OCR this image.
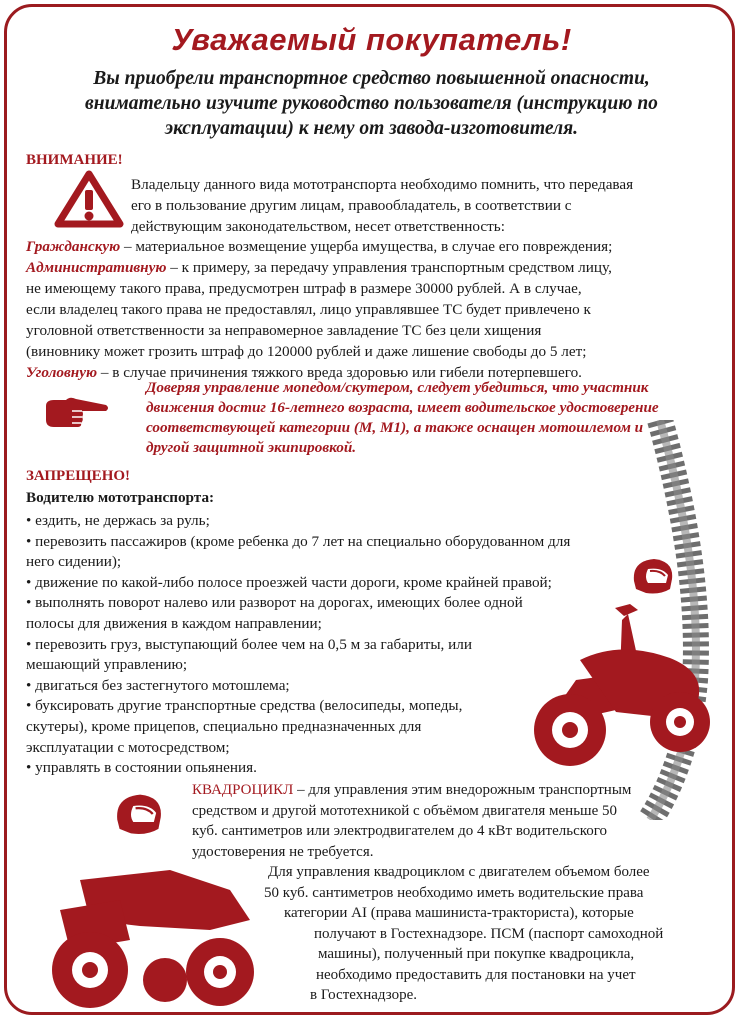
Уважаемый покупатель!
Вы приобрели транспортное средство повышенной опасности,
внимательно изучите руководство пользователя (инструкцию по
эксплуатации) к нему от завода-изготовителя.
ВНИМАНИЕ!
Владельцу данного вида мототранспорта необходимо помнить, что передавая
его в пользование другим лицам, правообладатель, в соответствии с
действующим законодательством, несет ответственность:
Гражданскую – материальное возмещение ущерба имущества, в случае его повреждения;
Административную – к примеру, за передачу управления транспортным средством лицу,
не имеющему такого права, предусмотрен штраф в размере 30000 рублей. А в случае,
если владелец такого права не предоставлял, лицо управлявшее ТС будет привлечено к
уголовной ответственности за неправомерное завладение ТС без цели хищения
(виновнику может грозить штраф до 120000 рублей и даже лишение свободы до 5 лет;
Уголовную – в случае причинения тяжкого вреда здоровью или гибели потерпевшего.
Доверяя управление мопедом/скутером, следует убедиться, что участник
движения достиг 16-летнего возраста, имеет водительское удостоверение
соответствующей категории (М, М1), а также оснащен мотошлемом и
другой защитной экипировкой.
ЗАПРЕЩЕНО!
Водителю мототранспорта:
• ездить, не держась за руль;
• перевозить пассажиров (кроме ребенка до 7 лет на специально оборудованном для
него сидении);
• движение по какой-либо полосе проезжей части дороги, кроме крайней правой;
• выполнять поворот налево или разворот на дорогах, имеющих более одной
полосы для движения в каждом направлении;
• перевозить груз, выступающий более чем на 0,5 м за габариты, или
мешающий управлению;
• двигаться без застегнутого мотошлема;
• буксировать другие транспортные средства (велосипеды, мопеды,
скутеры), кроме прицепов, специально предназначенных для
эксплуатации с мотосредством;
• управлять в состоянии опьянения.
КВАДРОЦИКЛ – для управления этим внедорожным транспортным
средством и другой мототехникой с объёмом двигателя меньше 50
куб. сантиметров или электродвигателем до 4 кВт водительского
удостоверения не требуется.
Для управления квадроциклом с двигателем объемом более
50 куб. сантиметров необходимо иметь водительские права
категории AI (права машиниста-тракториста), которые
получают в Гостехнадзоре. ПСМ (паспорт самоходной
машины), полученный при покупке квадроцикла,
необходимо предоставить для постановки на учет
в Гостехнадзоре.
